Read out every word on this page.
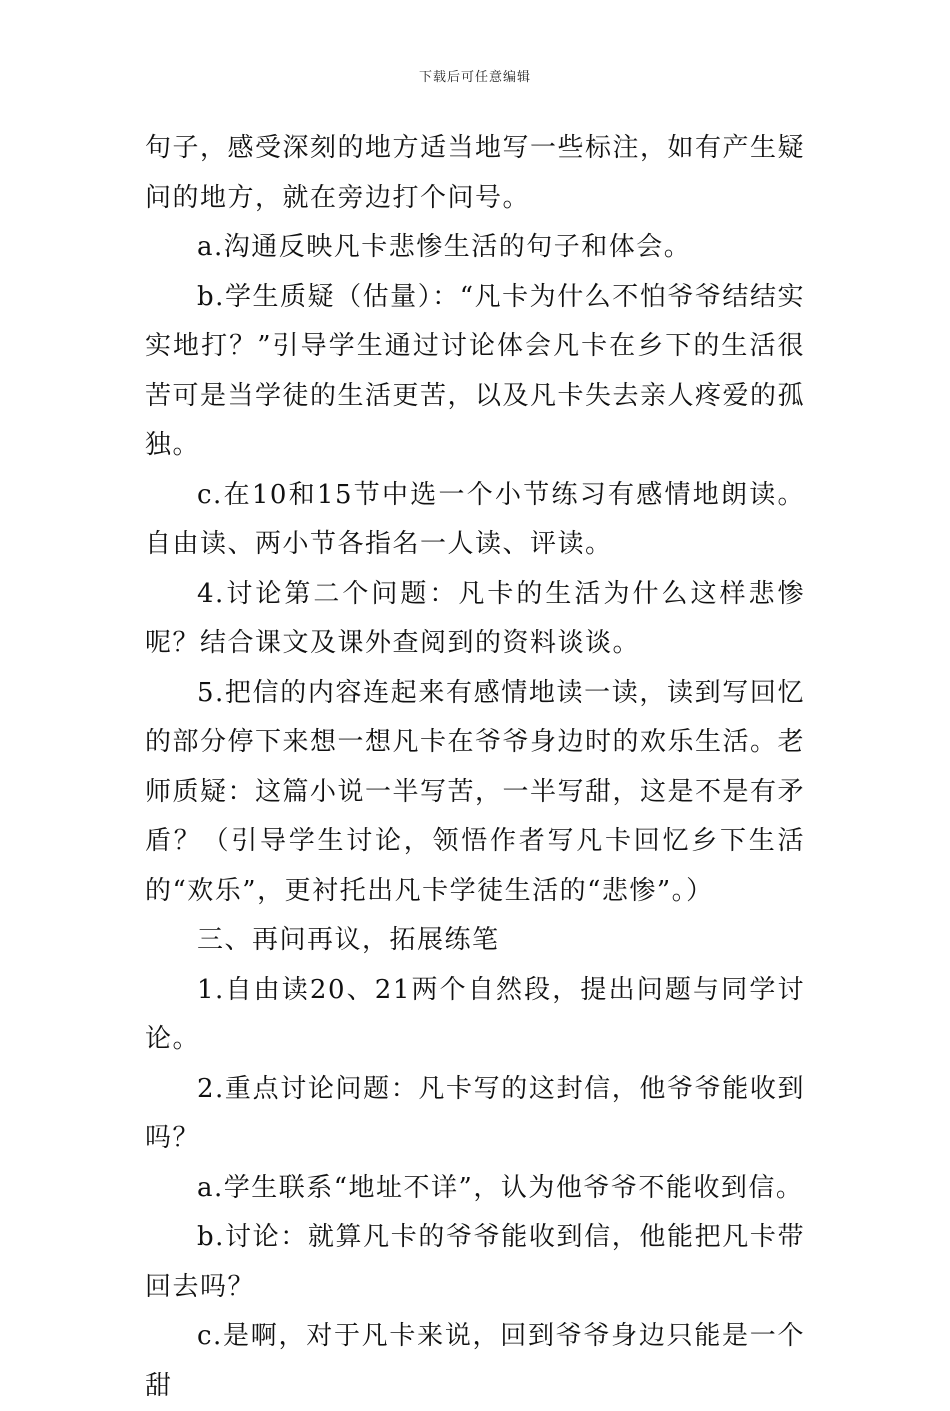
下载后可任意编辑

句子，感受深刻的地方适当地写一些标注，如有产生疑问的地方，就在旁边打个问号。

a.沟通反映凡卡悲惨生活的句子和体会。

b.学生质疑（估量）：“凡卡为什么不怕爷爷结结实实地打？”引导学生通过讨论体会凡卡在乡下的生活很苦可是当学徒的生活更苦，以及凡卡失去亲人疼爱的孤独。

c.在10和15节中选一个小节练习有感情地朗读。自由读、两小节各指名一人读、评读。

4.讨论第二个问题：凡卡的生活为什么这样悲惨呢？结合课文及课外查阅到的资料谈谈。

5.把信的内容连起来有感情地读一读，读到写回忆的部分停下来想一想凡卡在爷爷身边时的欢乐生活。老师质疑：这篇小说一半写苦，一半写甜，这是不是有矛盾？（引导学生讨论，领悟作者写凡卡回忆乡下生活的“欢乐”，更衬托出凡卡学徒生活的“悲惨”。）

三、再问再议，拓展练笔

1.自由读20、21两个自然段，提出问题与同学讨论。

2.重点讨论问题：凡卡写的这封信，他爷爷能收到吗？

a.学生联系“地址不详”，认为他爷爷不能收到信。

b.讨论：就算凡卡的爷爷能收到信，他能把凡卡带回去吗？

c.是啊，对于凡卡来说，回到爷爷身边只能是一个甜
